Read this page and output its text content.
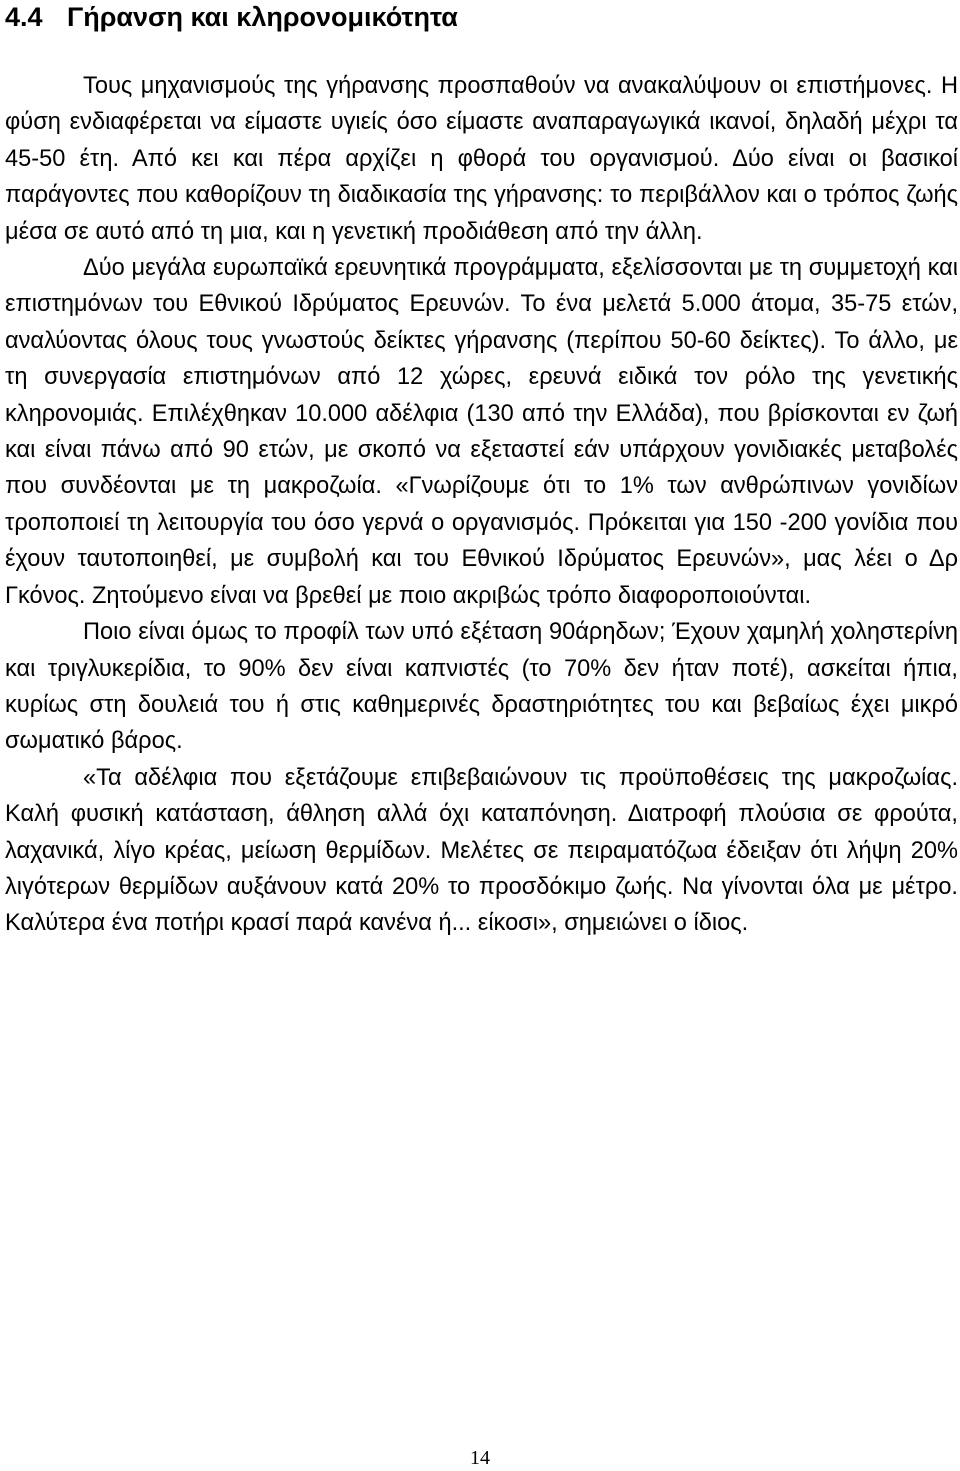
4.4 Γήρανση και κληρονομικότητα

Τους μηχανισμούς της γήρανσης προσπαθούν να ανακαλύψουν οι επιστήμονες. Η φύση ενδιαφέρεται να είμαστε υγιείς όσο είμαστε αναπαραγωγικά ικανοί, δηλαδή μέχρι τα 45-50 έτη. Από κει και πέρα αρχίζει η φθορά του οργανισμού. Δύο είναι οι βασικοί παράγοντες που καθορίζουν τη διαδικασία της γήρανσης: το περιβάλλον και ο τρόπος ζωής μέσα σε αυτό από τη μια, και η γενετική προδιάθεση από την άλλη.

Δύο μεγάλα ευρωπαϊκά ερευνητικά προγράμματα, εξελίσσονται με τη συμμετοχή και επιστημόνων του Εθνικού Ιδρύματος Ερευνών. Το ένα μελετά 5.000 άτομα, 35-75 ετών, αναλύοντας όλους τους γνωστούς δείκτες γήρανσης (περίπου 50-60 δείκτες). Το άλλο, με τη συνεργασία επιστημόνων από 12 χώρες, ερευνά ειδικά τον ρόλο της γενετικής κληρονομιάς. Επιλέχθηκαν 10.000 αδέλφια (130 από την Ελλάδα), που βρίσκονται εν ζωή και είναι πάνω από 90 ετών, με σκοπό να εξεταστεί εάν υπάρχουν γονιδιακές μεταβολές που συνδέονται με τη μακροζωία. «Γνωρίζουμε ότι το 1% των ανθρώπινων γονιδίων τροποποιεί τη λειτουργία του όσο γερνά ο οργανισμός. Πρόκειται για 150 -200 γονίδια που έχουν ταυτοποιηθεί, με συμβολή και του Εθνικού Ιδρύματος Ερευνών», μας λέει ο Δρ Γκόνος. Ζητούμενο είναι να βρεθεί με ποιο ακριβώς τρόπο διαφοροποιούνται.

Ποιο είναι όμως το προφίλ των υπό εξέταση 90άρηδων; Έχουν χαμηλή χοληστερίνη και τριγλυκερίδια, το 90% δεν είναι καπνιστές (το 70% δεν ήταν ποτέ), ασκείται ήπια, κυρίως στη δουλειά του ή στις καθημερινές δραστηριότητες του και βεβαίως έχει μικρό σωματικό βάρος.

«Τα αδέλφια που εξετάζουμε επιβεβαιώνουν τις προϋποθέσεις της μακροζωίας. Καλή φυσική κατάσταση, άθληση αλλά όχι καταπόνηση. Διατροφή πλούσια σε φρούτα, λαχανικά, λίγο κρέας, μείωση θερμίδων. Μελέτες σε πειραματόζωα έδειξαν ότι λήψη 20% λιγότερων θερμίδων αυξάνουν κατά 20% το προσδόκιμο ζωής. Να γίνονται όλα με μέτρο. Καλύτερα ένα ποτήρι κρασί παρά κανένα ή... είκοσι», σημειώνει ο ίδιος.

14
